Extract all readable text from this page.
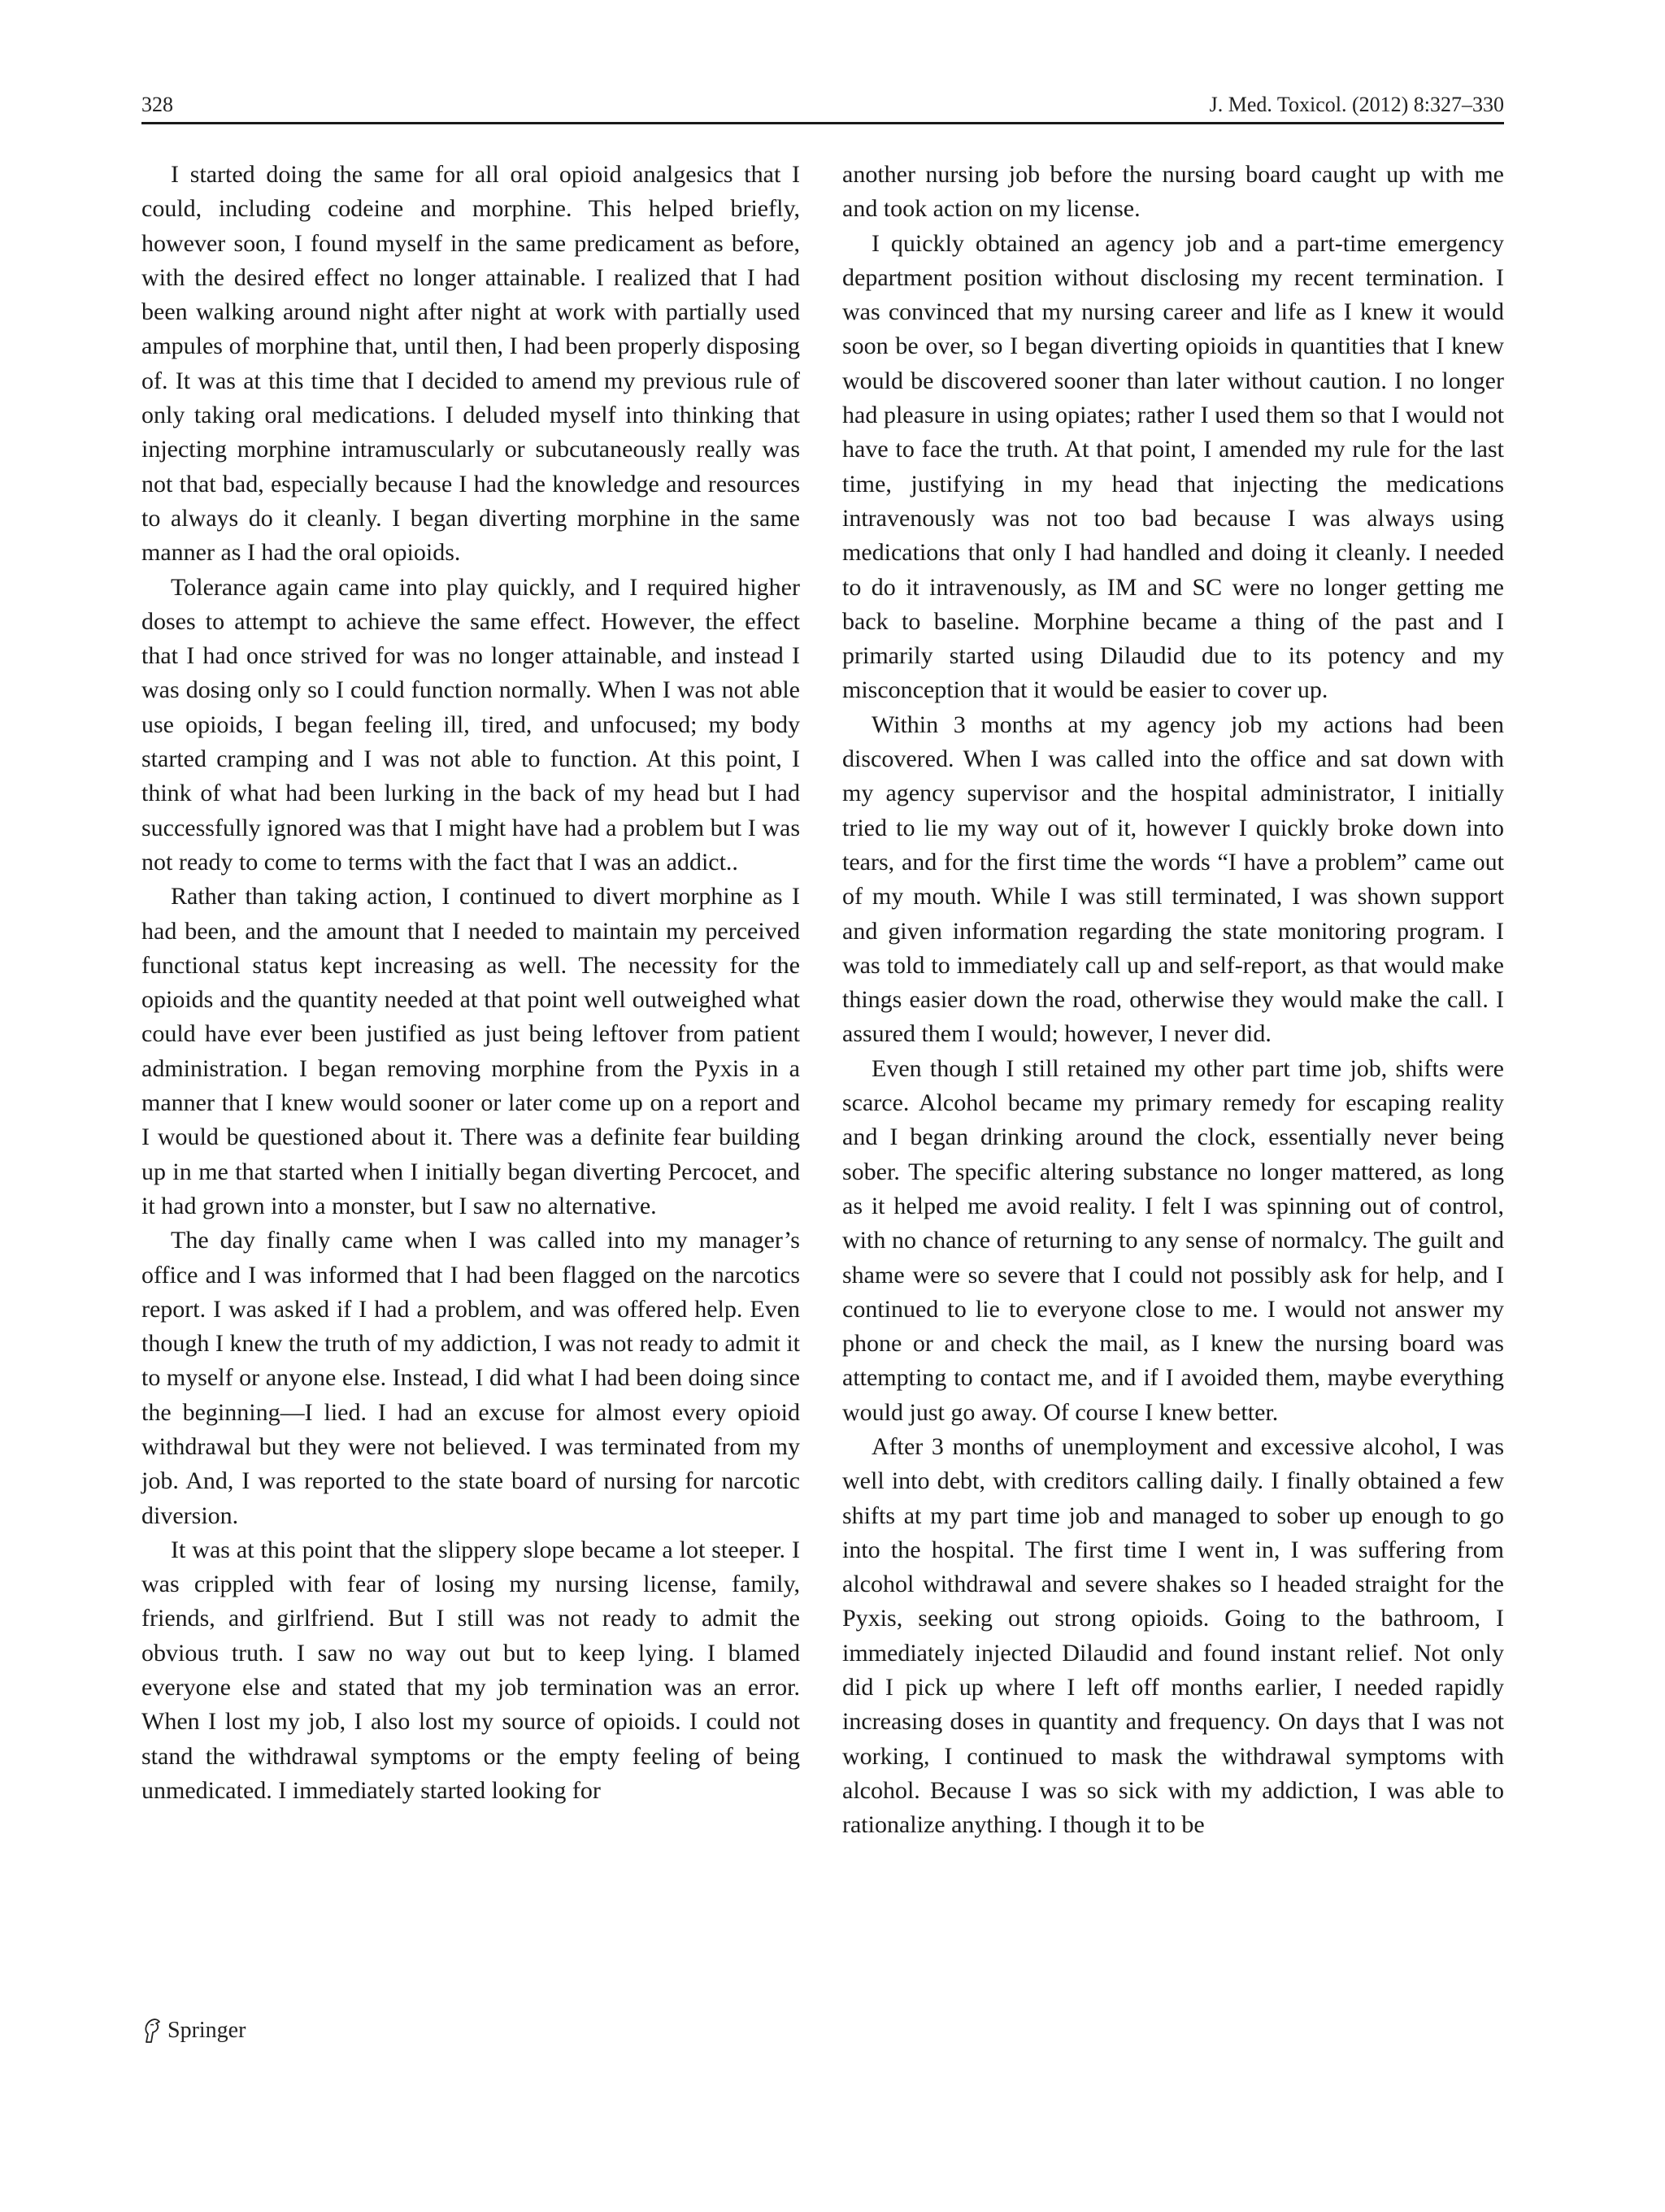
328	J. Med. Toxicol. (2012) 8:327–330

I started doing the same for all oral opioid analgesics that I could, including codeine and morphine. This helped briefly, however soon, I found myself in the same predicament as before, with the desired effect no longer attainable. I realized that I had been walking around night after night at work with partially used ampules of morphine that, until then, I had been properly disposing of. It was at this time that I decided to amend my previous rule of only taking oral medications. I deluded myself into thinking that injecting morphine intramuscularly or subcutaneously really was not that bad, especially because I had the knowledge and resources to always do it cleanly. I began diverting morphine in the same manner as I had the oral opioids.

Tolerance again came into play quickly, and I required higher doses to attempt to achieve the same effect. However, the effect that I had once strived for was no longer attainable, and instead I was dosing only so I could function normally. When I was not able use opioids, I began feeling ill, tired, and unfocused; my body started cramping and I was not able to function. At this point, I think of what had been lurking in the back of my head but I had successfully ignored was that I might have had a problem but I was not ready to come to terms with the fact that I was an addict..

Rather than taking action, I continued to divert morphine as I had been, and the amount that I needed to maintain my perceived functional status kept increasing as well. The necessity for the opioids and the quantity needed at that point well outweighed what could have ever been justified as just being leftover from patient administration. I began removing morphine from the Pyxis in a manner that I knew would sooner or later come up on a report and I would be questioned about it. There was a definite fear building up in me that started when I initially began diverting Percocet, and it had grown into a monster, but I saw no alternative.

The day finally came when I was called into my manager’s office and I was informed that I had been flagged on the narcotics report. I was asked if I had a problem, and was offered help. Even though I knew the truth of my addiction, I was not ready to admit it to myself or anyone else. Instead, I did what I had been doing since the beginning—I lied. I had an excuse for almost every opioid withdrawal but they were not believed. I was terminated from my job. And, I was reported to the state board of nursing for narcotic diversion.

It was at this point that the slippery slope became a lot steeper. I was crippled with fear of losing my nursing license, family, friends, and girlfriend. But I still was not ready to admit the obvious truth. I saw no way out but to keep lying. I blamed everyone else and stated that my job termination was an error. When I lost my job, I also lost my source of opioids. I could not stand the withdrawal symptoms or the empty feeling of being unmedicated. I immediately started looking for

another nursing job before the nursing board caught up with me and took action on my license.

I quickly obtained an agency job and a part-time emergency department position without disclosing my recent termination. I was convinced that my nursing career and life as I knew it would soon be over, so I began diverting opioids in quantities that I knew would be discovered sooner than later without caution. I no longer had pleasure in using opiates; rather I used them so that I would not have to face the truth. At that point, I amended my rule for the last time, justifying in my head that injecting the medications intravenously was not too bad because I was always using medications that only I had handled and doing it cleanly. I needed to do it intravenously, as IM and SC were no longer getting me back to baseline. Morphine became a thing of the past and I primarily started using Dilaudid due to its potency and my misconception that it would be easier to cover up.

Within 3 months at my agency job my actions had been discovered. When I was called into the office and sat down with my agency supervisor and the hospital administrator, I initially tried to lie my way out of it, however I quickly broke down into tears, and for the first time the words “I have a problem” came out of my mouth. While I was still terminated, I was shown support and given information regarding the state monitoring program. I was told to immediately call up and self-report, as that would make things easier down the road, otherwise they would make the call. I assured them I would; however, I never did.

Even though I still retained my other part time job, shifts were scarce. Alcohol became my primary remedy for escaping reality and I began drinking around the clock, essentially never being sober. The specific altering substance no longer mattered, as long as it helped me avoid reality. I felt I was spinning out of control, with no chance of returning to any sense of normalcy. The guilt and shame were so severe that I could not possibly ask for help, and I continued to lie to everyone close to me. I would not answer my phone or and check the mail, as I knew the nursing board was attempting to contact me, and if I avoided them, maybe everything would just go away. Of course I knew better.

After 3 months of unemployment and excessive alcohol, I was well into debt, with creditors calling daily. I finally obtained a few shifts at my part time job and managed to sober up enough to go into the hospital. The first time I went in, I was suffering from alcohol withdrawal and severe shakes so I headed straight for the Pyxis, seeking out strong opioids. Going to the bathroom, I immediately injected Dilaudid and found instant relief. Not only did I pick up where I left off months earlier, I needed rapidly increasing doses in quantity and frequency. On days that I was not working, I continued to mask the withdrawal symptoms with alcohol. Because I was so sick with my addiction, I was able to rationalize anything. I though it to be

Springer
